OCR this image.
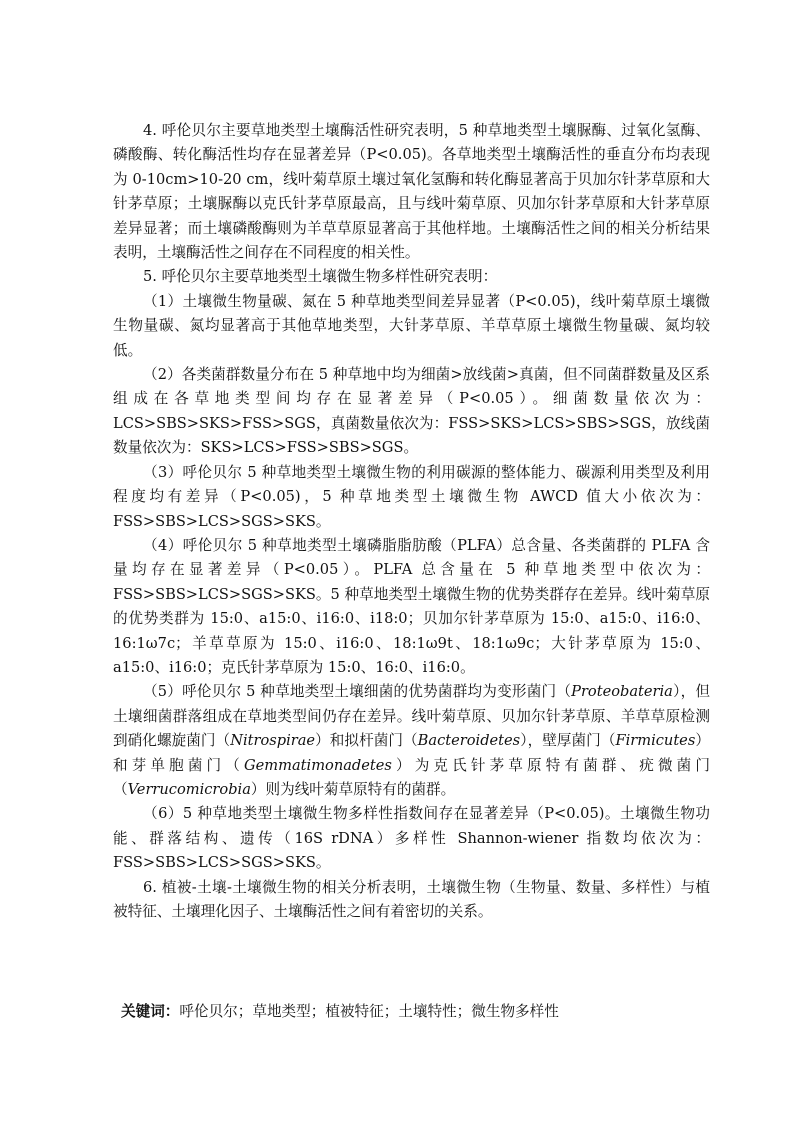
4. 呼伦贝尔主要草地类型土壤酶活性研究表明，5 种草地类型土壤脲酶、过氧化氢酶、磷酸酶、转化酶活性均存在显著差异（P<0.05)。各草地类型土壤酶活性的垂直分布均表现为 0-10cm>10-20 cm，线叶菊草原土壤过氧化氢酶和转化酶显著高于贝加尔针茅草原和大针茅草原；土壤脲酶以克氏针茅草原最高，且与线叶菊草原、贝加尔针茅草原和大针茅草原差异显著；而土壤磷酸酶则为羊草草原显著高于其他样地。土壤酶活性之间的相关分析结果表明，土壤酶活性之间存在不同程度的相关性。

5. 呼伦贝尔主要草地类型土壤微生物多样性研究表明：

（1）土壤微生物量碳、氮在 5 种草地类型间差异显著（P<0.05)，线叶菊草原土壤微生物量碳、氮均显著高于其他草地类型，大针茅草原、羊草草原土壤微生物量碳、氮均较低。

（2）各类菌群数量分布在 5 种草地中均为细菌>放线菌>真菌，但不同菌群数量及区系组成在各草地类型间均存在显著差异（P<0.05）。细菌数量依次为：LCS>SBS>SKS>FSS>SGS，真菌数量依次为：FSS>SKS>LCS>SBS>SGS，放线菌数量依次为：SKS>LCS>FSS>SBS>SGS。

（3）呼伦贝尔 5 种草地类型土壤微生物的利用碳源的整体能力、碳源利用类型及利用程度均有差异（P<0.05)，5 种草地类型土壤微生物 AWCD 值大小依次为：FSS>SBS>LCS>SGS>SKS。

（4）呼伦贝尔 5 种草地类型土壤磷脂脂肪酸（PLFA）总含量、各类菌群的 PLFA 含量均存在显著差异（P<0.05）。PLFA 总含量在 5 种草地类型中依次为：FSS>SBS>LCS>SGS>SKS。5 种草地类型土壤微生物的优势类群存在差异。线叶菊草原的优势类群为 15:0、a15:0、i16:0、i18:0；贝加尔针茅草原为 15:0、a15:0、i16:0、16:1ω7c；羊草草原为 15:0、i16:0、18:1ω9t、18:1ω9c；大针茅草原为 15:0、a15:0、i16:0；克氏针茅草原为 15:0、16:0、i16:0。

（5）呼伦贝尔 5 种草地类型土壤细菌的优势菌群均为变形菌门（Proteobateria），但土壤细菌群落组成在草地类型间仍存在差异。线叶菊草原、贝加尔针茅草原、羊草草原检测到硝化螺旋菌门（Nitrospirae）和拟杆菌门（Bacteroidetes），壁厚菌门（Firmicutes）和芽单胞菌门（Gemmatimonadetes）为克氏针茅草原特有菌群、疣微菌门（Verrucomicrobia）则为线叶菊草原特有的菌群。

（6）5 种草地类型土壤微生物多样性指数间存在显著差异（P<0.05)。土壤微生物功能、群落结构、遗传（16S rDNA）多样性 Shannon-wiener 指数均依次为：FSS>SBS>LCS>SGS>SKS。

6. 植被-土壤-土壤微生物的相关分析表明，土壤微生物（生物量、数量、多样性）与植被特征、土壤理化因子、土壤酶活性之间有着密切的关系。

关键词：呼伦贝尔；草地类型；植被特征；土壤特性；微生物多样性
